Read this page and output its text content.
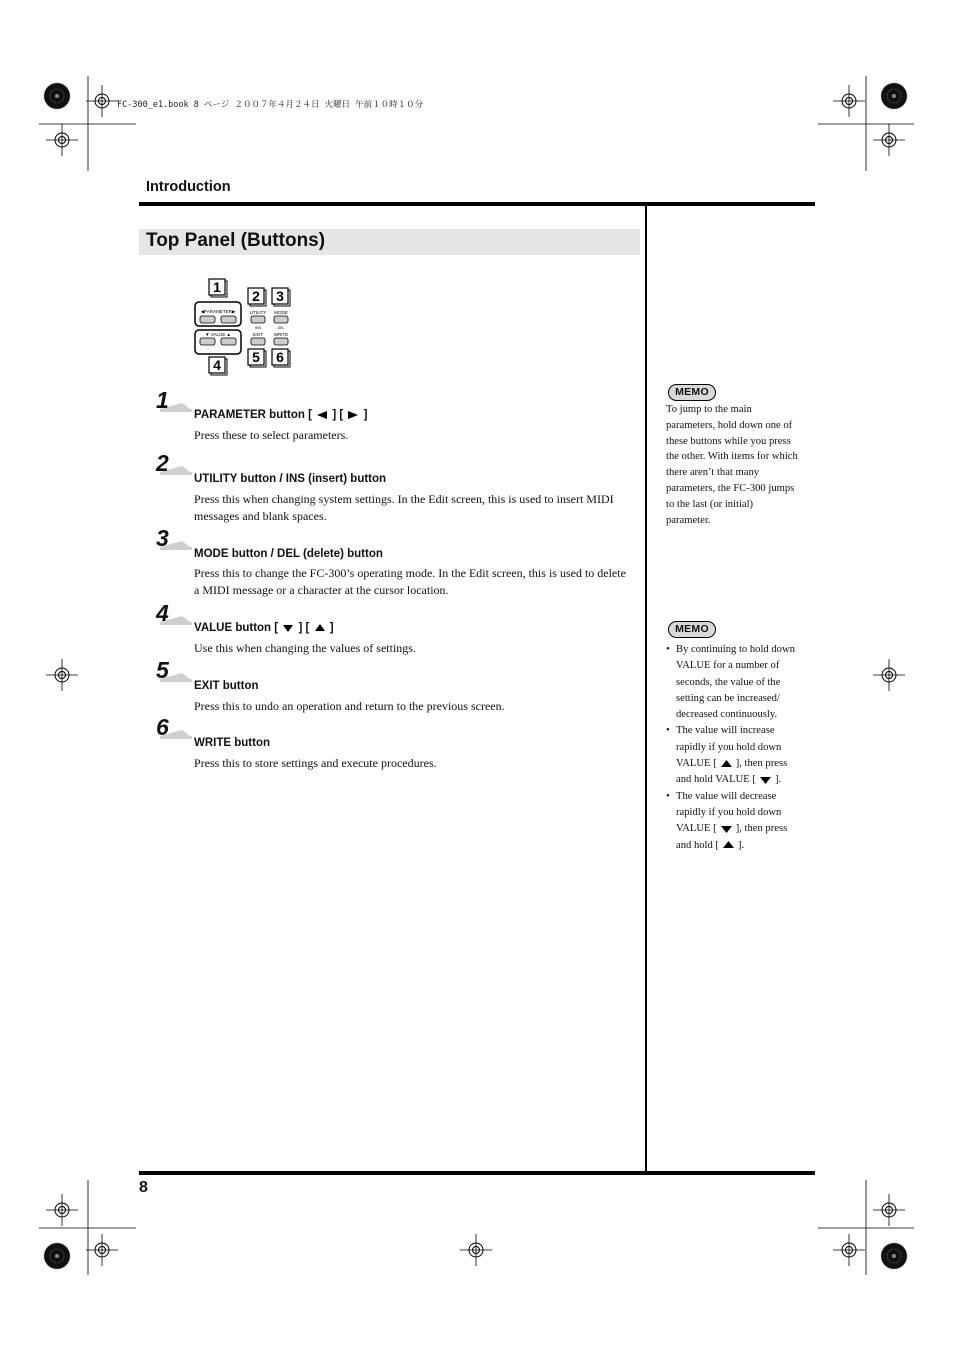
FC-300_e1.book 8 ページ ２００７年４月２４日 火曜日 午前１０時１０分
Introduction
Top Panel (Buttons)
1
2 3
4 5 6
◀PARAMETER▶
▼ VALUE ▲
UTILITY MODE
INS	DEL
EXIT WRITE
1
PARAMETER button [ ] [ ]
Press these to select parameters.
2
UTILITY button / INS (insert) button
Press this when changing system settings. In the Edit screen, this is used to insert MIDI messages and blank spaces.
3
MODE button / DEL (delete) button
Press this to change the FC-300’s operating mode. In the Edit screen, this is used to delete a MIDI message or a character at the cursor location.
4
VALUE button [ ] [ ]
Use this when changing the values of settings.
5
EXIT button
Press this to undo an operation and return to the previous screen.
6
WRITE button
Press this to store settings and execute procedures.
MEMO
To jump to the main
parameters, hold down one of
these buttons while you press
the other. With items for which
there aren’t that many
parameters, the FC-300 jumps
to the last (or initial)
parameter.
MEMO
• By continuing to hold down
VALUE for a number of
seconds, the value of the
setting can be increased/
decreased continuously.
• The value will increase
rapidly if you hold down
VALUE [ ], then press
and hold VALUE [ ].
• The value will decrease
rapidly if you hold down
VALUE [ ], then press
and hold [ ].
8
